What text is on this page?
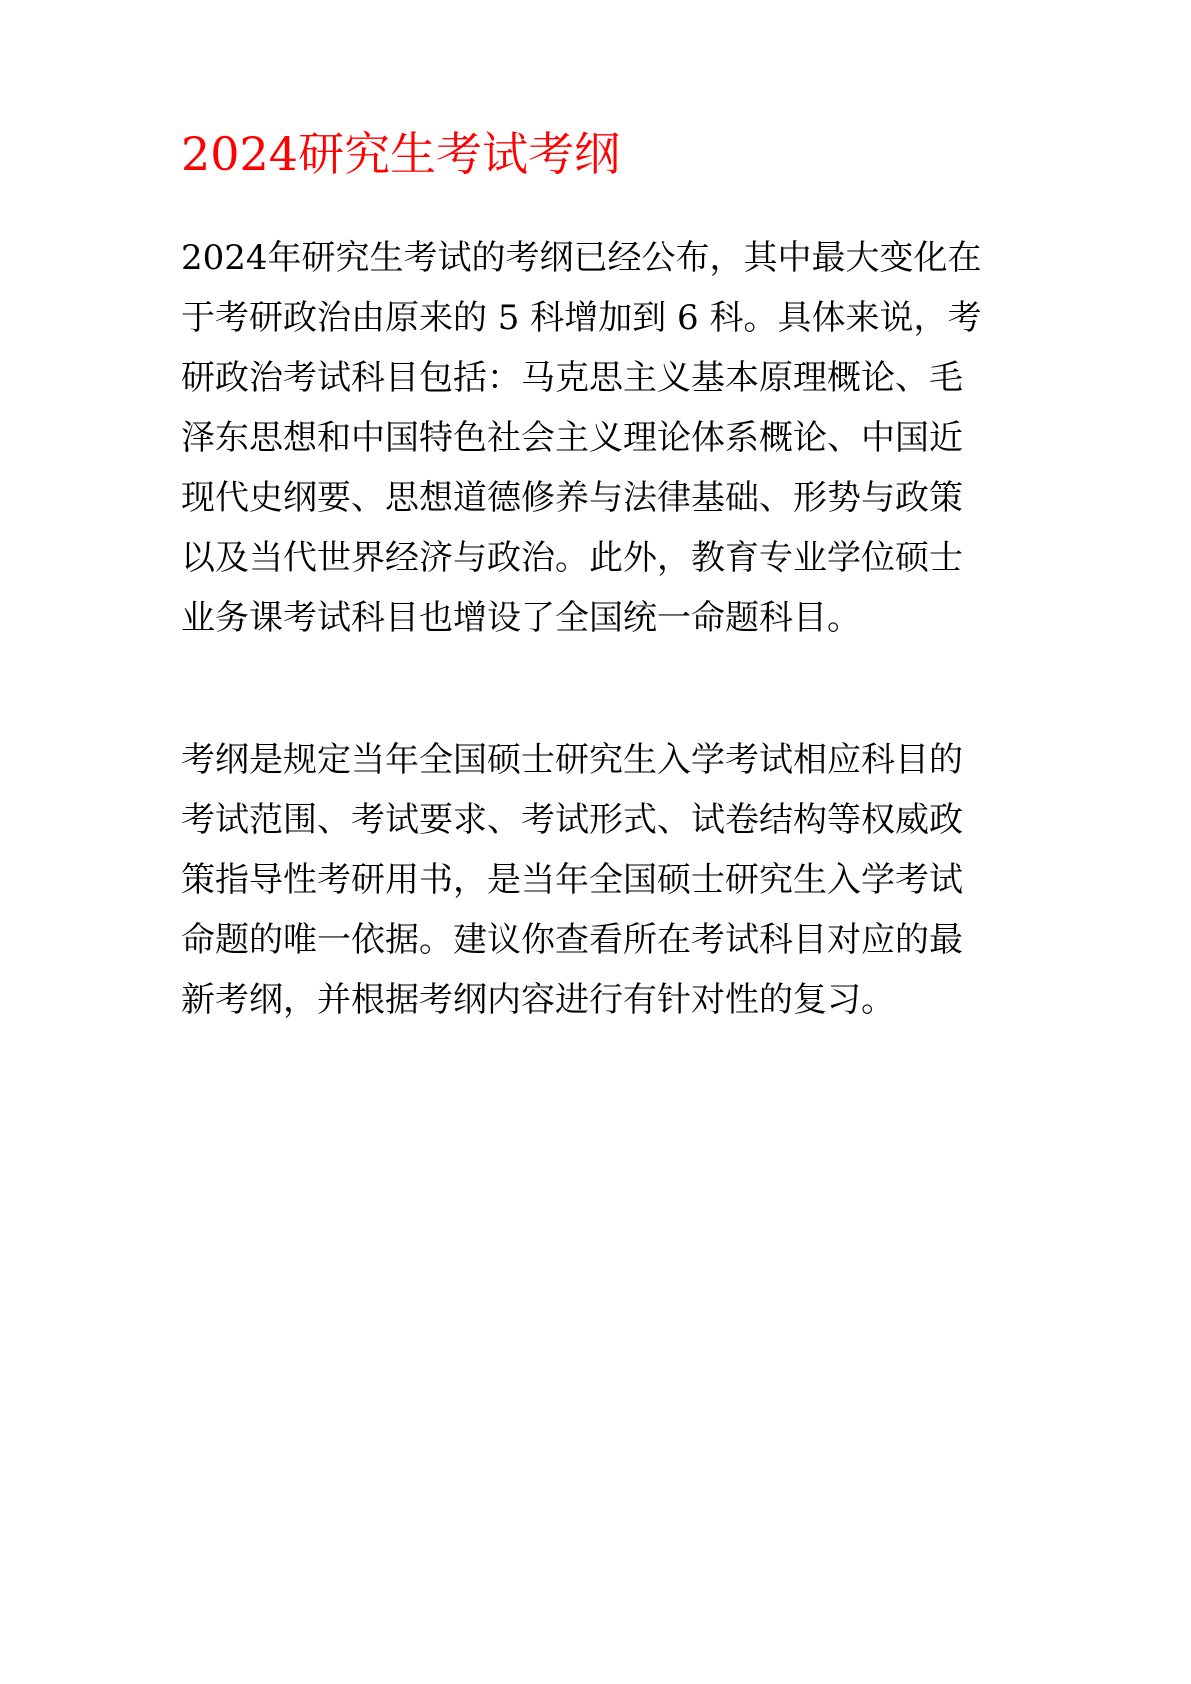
2024研究生考试考纲
2024年研究生考试的考纲已经公布，其中最大变化在
于考研政治由原来的 5 科增加到 6 科。具体来说，考
研政治考试科目包括：马克思主义基本原理概论、毛
泽东思想和中国特色社会主义理论体系概论、中国近
现代史纲要、思想道德修养与法律基础、形势与政策
以及当代世界经济与政治。此外，教育专业学位硕士
业务课考试科目也增设了全国统一命题科目。
考纲是规定当年全国硕士研究生入学考试相应科目的
考试范围、考试要求、考试形式、试卷结构等权威政
策指导性考研用书，是当年全国硕士研究生入学考试
命题的唯一依据。建议你查看所在考试科目对应的最
新考纲，并根据考纲内容进行有针对性的复习。
